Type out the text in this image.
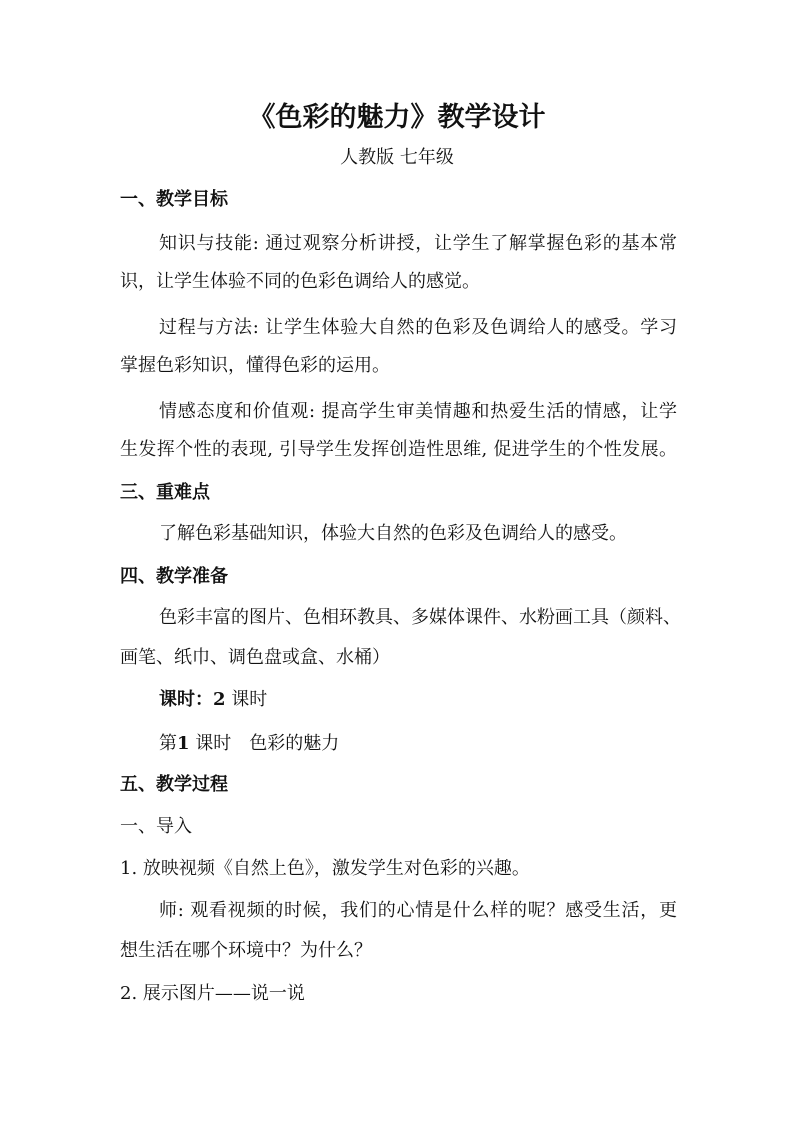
《色彩的魅力》教学设计
人教版 七年级
一、教学目标
知识与技能: 通过观察分析讲授，让学生了解掌握色彩的基本常
识，让学生体验不同的色彩色调给人的感觉。
过程与方法: 让学生体验大自然的色彩及色调给人的感受。学习
掌握色彩知识，懂得色彩的运用。
情感态度和价值观: 提高学生审美情趣和热爱生活的情感，让学
生发挥个性的表现, 引导学生发挥创造性思维, 促进学生的个性发展。
三、重难点
了解色彩基础知识，体验大自然的色彩及色调给人的感受。
四、教学准备
色彩丰富的图片、色相环教具、多媒体课件、水粉画工具（颜料、
画笔、纸巾、调色盘或盒、水桶）
课时：2 课时
第1 课时　色彩的魅力
五、教学过程
一、导入
1. 放映视频《自然上色》，激发学生对色彩的兴趣。
师: 观看视频的时候，我们的心情是什么样的呢？感受生活，更
想生活在哪个环境中？为什么？
2. 展示图片——说一说
